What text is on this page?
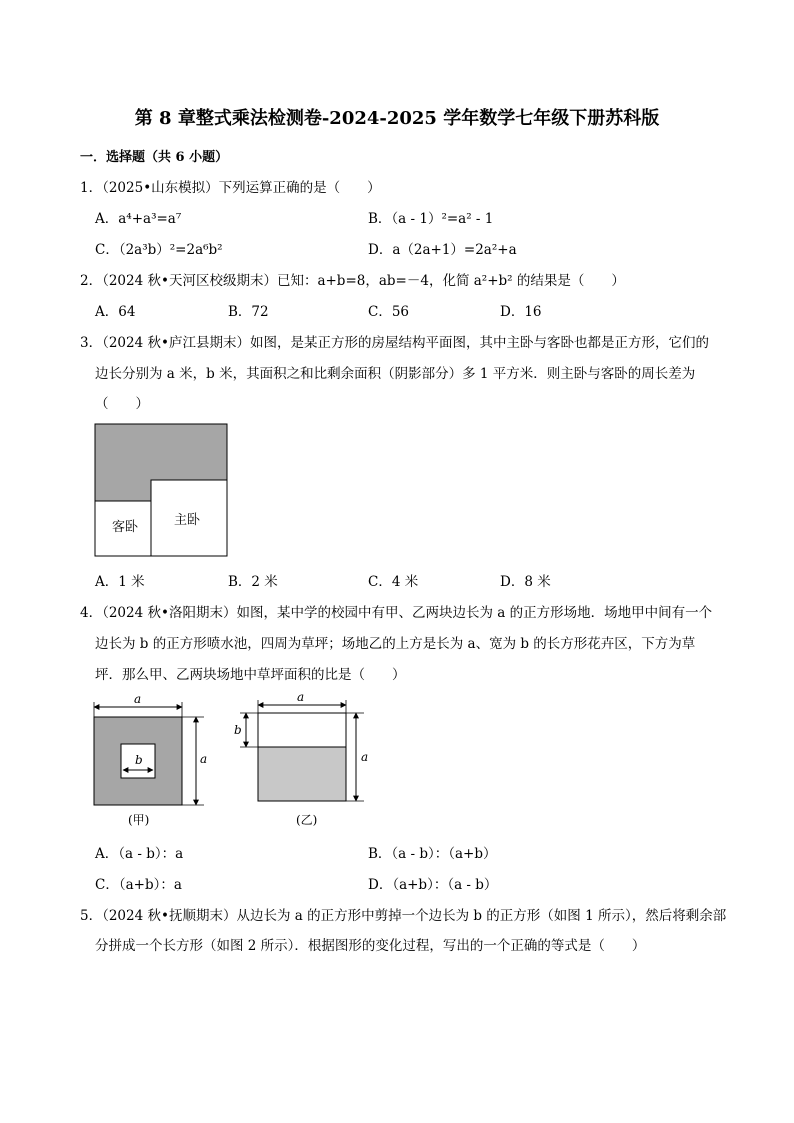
第 8 章整式乘法检测卷-2024-2025 学年数学七年级下册苏科版
一．选择题（共 6 小题）
1．（2025•山东模拟）下列运算正确的是（　　）
A．a⁴+a³=a⁷	B．（a - 1）²=a² - 1
C．（2a³b）²=2a⁶b²	D．a（2a+1）=2a²+a
2．（2024 秋•天河区校级期末）已知：a+b=8，ab=－4，化简 a²+b² 的结果是（　　）
A．64	B．72	C．56	D．16
3．（2024 秋•庐江县期末）如图，是某正方形的房屋结构平面图，其中主卧与客卧也都是正方形，它们的
边长分别为 a 米，b 米，其面积之和比剩余面积（阴影部分）多 1 平方米．则主卧与客卧的周长差为
（　　）
客卧	主卧
A．1 米	B．2 米	C．4 米	D．8 米
4．（2024 秋•洛阳期末）如图，某中学的校园中有甲、乙两块边长为 a 的正方形场地．场地甲中间有一个
边长为 b 的正方形喷水池，四周为草坪；场地乙的上方是长为 a、宽为 b 的长方形花卉区，下方为草
坪．那么甲、乙两块场地中草坪面积的比是（　　）
a
a
b
(甲)
a
b
a
(乙)
A．（a - b）：a	B．（a - b）：（a+b）
C．（a+b）：a	D．（a+b）：（a - b）
5．（2024 秋•抚顺期末）从边长为 a 的正方形中剪掉一个边长为 b 的正方形（如图 1 所示），然后将剩余部
分拼成一个长方形（如图 2 所示）．根据图形的变化过程，写出的一个正确的等式是（　　）
